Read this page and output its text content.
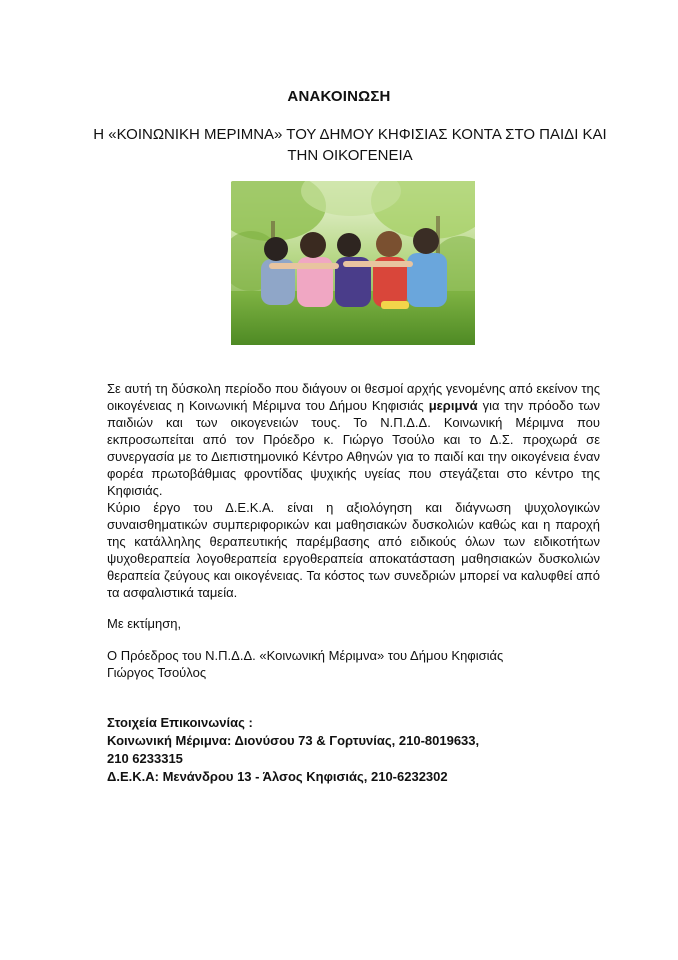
ΑΝΑΚΟΙΝΩΣΗ
Η «ΚΟΙΝΩΝΙΚΗ ΜΕΡΙΜΝΑ» ΤΟΥ ΔΗΜΟΥ ΚΗΦΙΣΙΑΣ ΚΟΝΤΑ ΣΤΟ ΠΑΙΔΙ ΚΑΙ ΤΗΝ ΟΙΚΟΓΕΝΕΙΑ

Σε αυτή τη δύσκολη περίοδο που διάγουν οι θεσμοί αρχής γενομένης από εκείνον της οικογένειας η Κοινωνική Μέριμνα του Δήμου Κηφισιάς μεριμνά για την πρόοδο των παιδιών και των οικογενειών τους. Το Ν.Π.Δ.Δ. Κοινωνική Μέριμνα που εκπροσωπείται από τον Πρόεδρο κ. Γιώργο Τσούλο και το Δ.Σ. προχωρά σε συνεργασία με το Διεπιστημονικό Κέντρο Αθηνών για το παιδί και την οικογένεια έναν φορέα πρωτοβάθμιας φροντίδας ψυχικής υγείας που στεγάζεται στο κέντρο της Κηφισιάς.

Κύριο έργο του Δ.Ε.Κ.Α. είναι η αξιολόγηση και διάγνωση ψυχολογικών συναισθηματικών συμπεριφορικών και μαθησιακών δυσκολιών καθώς και η παροχή της κατάλληλης θεραπευτικής παρέμβασης από ειδικούς όλων των ειδικοτήτων ψυχοθεραπεία λογοθεραπεία εργοθεραπεία αποκατάσταση μαθησιακών δυσκολιών θεραπεία ζεύγους και οικογένειας. Τα κόστος των συνεδριών μπορεί να καλυφθεί από τα ασφαλιστικά ταμεία.

Με εκτίμηση,
Ο Πρόεδρος του Ν.Π.Δ.Δ. «Κοινωνική Μέριμνα» του Δήμου Κηφισιάς
Γιώργος Τσούλος
Στοιχεία Επικοινωνίας :
Κοινωνική Μέριμνα: Διονύσου 73 & Γορτυνίας, 210-8019633,
210 6233315
Δ.Ε.Κ.Α: Μενάνδρου 13 - Άλσος Κηφισιάς, 210-6232302
